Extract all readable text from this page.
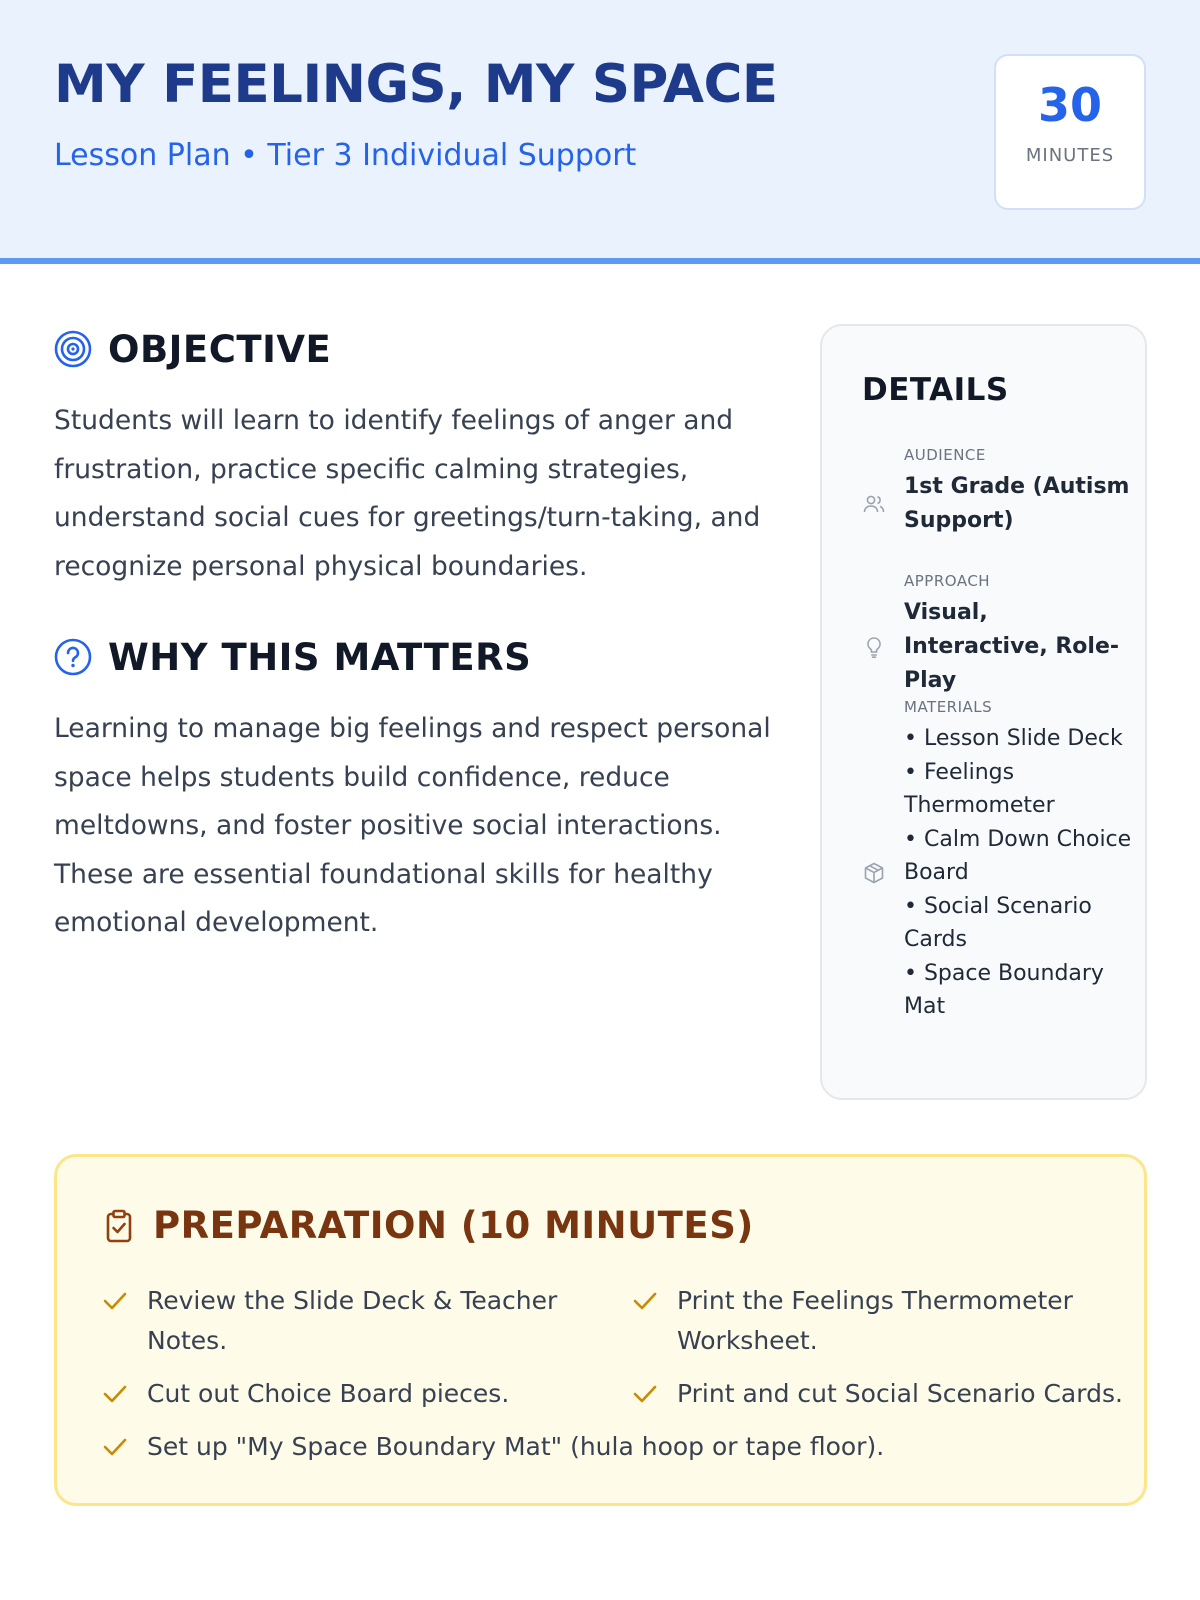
MY FEELINGS, MY SPACE
Lesson Plan • Tier 3 Individual Support
30
MINUTES
OBJECTIVE

Students will learn to identify feelings of anger and frustration, practice specific calming strategies, understand social cues for greetings/turn-taking, and recognize personal physical boundaries.

WHY THIS MATTERS

Learning to manage big feelings and respect personal space helps students build confidence, reduce meltdowns, and foster positive social interactions. These are essential foundational skills for healthy emotional development.

DETAILS
AUDIENCE
1st Grade (Autism Support)
APPROACH
Visual, Interactive, Role-Play
MATERIALS
• Lesson Slide Deck
• Feelings Thermometer
• Calm Down Choice Board
• Social Scenario Cards
• Space Boundary Mat
PREPARATION (10 MINUTES)
Review the Slide Deck & Teacher Notes.
Print the Feelings Thermometer Worksheet.
Cut out Choice Board pieces.	Print and cut Social Scenario Cards.
Set up "My Space Boundary Mat" (hula hoop or tape floor).
